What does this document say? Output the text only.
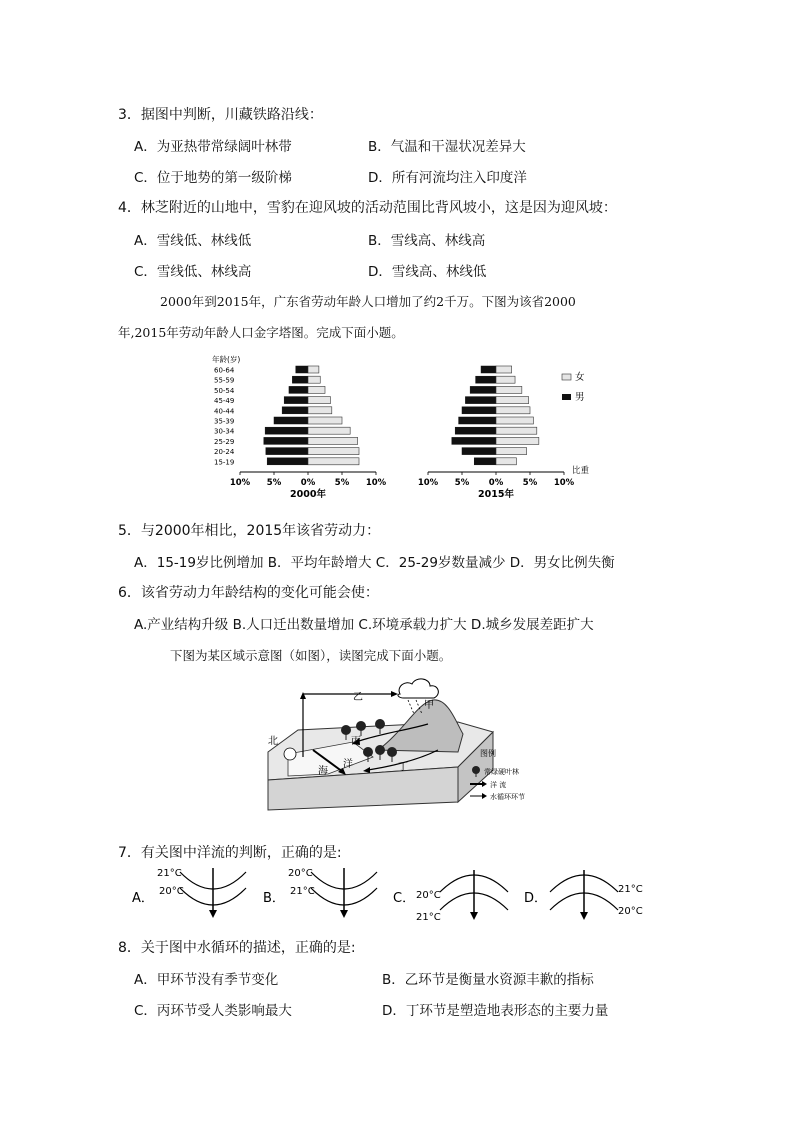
3．据图中判断，川藏铁路沿线：
A．为亚热带常绿阔叶林带	B．气温和干湿状况差异大
C．位于地势的第一级阶梯	D．所有河流均注入印度洋
4．林芝附近的山地中，雪豹在迎风坡的活动范围比背风坡小，这是因为迎风坡：
A．雪线低、林线低	B．雪线高、林线高
C．雪线低、林线高	D．雪线高、林线低
2000年到2015年，广东省劳动年龄人口增加了约2千万。下图为该省2000
年,2015年劳动年龄人口金字塔图。完成下面小题。
年龄(岁)
15-19
20-24
25-29
30-34
35-39
40-44
45-49
50-54
55-59
60-64
10% 5% 0% 5% 10%
2000年
10% 5% 0% 5% 10%
2015年
比重
女
男
5．与2000年相比，2015年该省劳动力：
A．15-19岁比例增加 B．平均年龄增大 C．25-29岁数量减少 D．男女比例失衡
6．该省劳动力年龄结构的变化可能会使：
A.产业结构升级 B.人口迁出数量增加 C.环境承载力扩大 D.城乡发展差距扩大
下图为某区域示意图（如图），读图完成下面小题。
北
乙
甲
丙
丁
海
洋
图例
常绿硬叶林
洋 流
水循环环节
7．有关图中洋流的判断，正确的是:
A．
21°C
20°C	B．
20°C
21°C	C． 20°C
21°C
D．
21°C
20°C
8．关于图中水循环的描述，正确的是:
A．甲环节没有季节变化	B．乙环节是衡量水资源丰歉的指标
C．丙环节受人类影响最大	D．丁环节是塑造地表形态的主要力量
